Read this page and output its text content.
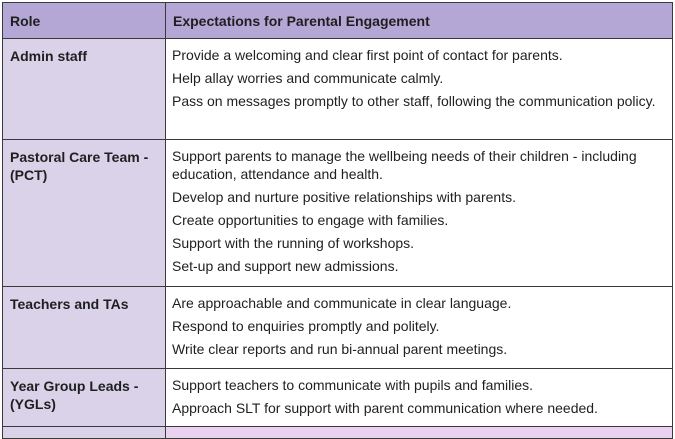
Role	Expectations for Parental Engagement
Admin staff	Provide a welcoming and clear first point of contact for parents.

Help allay worries and communicate calmly.

Pass on messages promptly to other staff, following the communication policy.

Pastoral Care Team - (PCT)	Support parents to manage the wellbeing needs of their children - including education, attendance and health.

Develop and nurture positive relationships with parents.

Create opportunities to engage with families.

Support with the running of workshops.

Set-up and support new admissions.

Teachers and TAs	Are approachable and communicate in clear language.

Respond to enquiries promptly and politely.

Write clear reports and run bi-annual parent meetings.

Year Group Leads - (YGLs)	Support teachers to communicate with pupils and families.

Approach SLT for support with parent communication where needed.
